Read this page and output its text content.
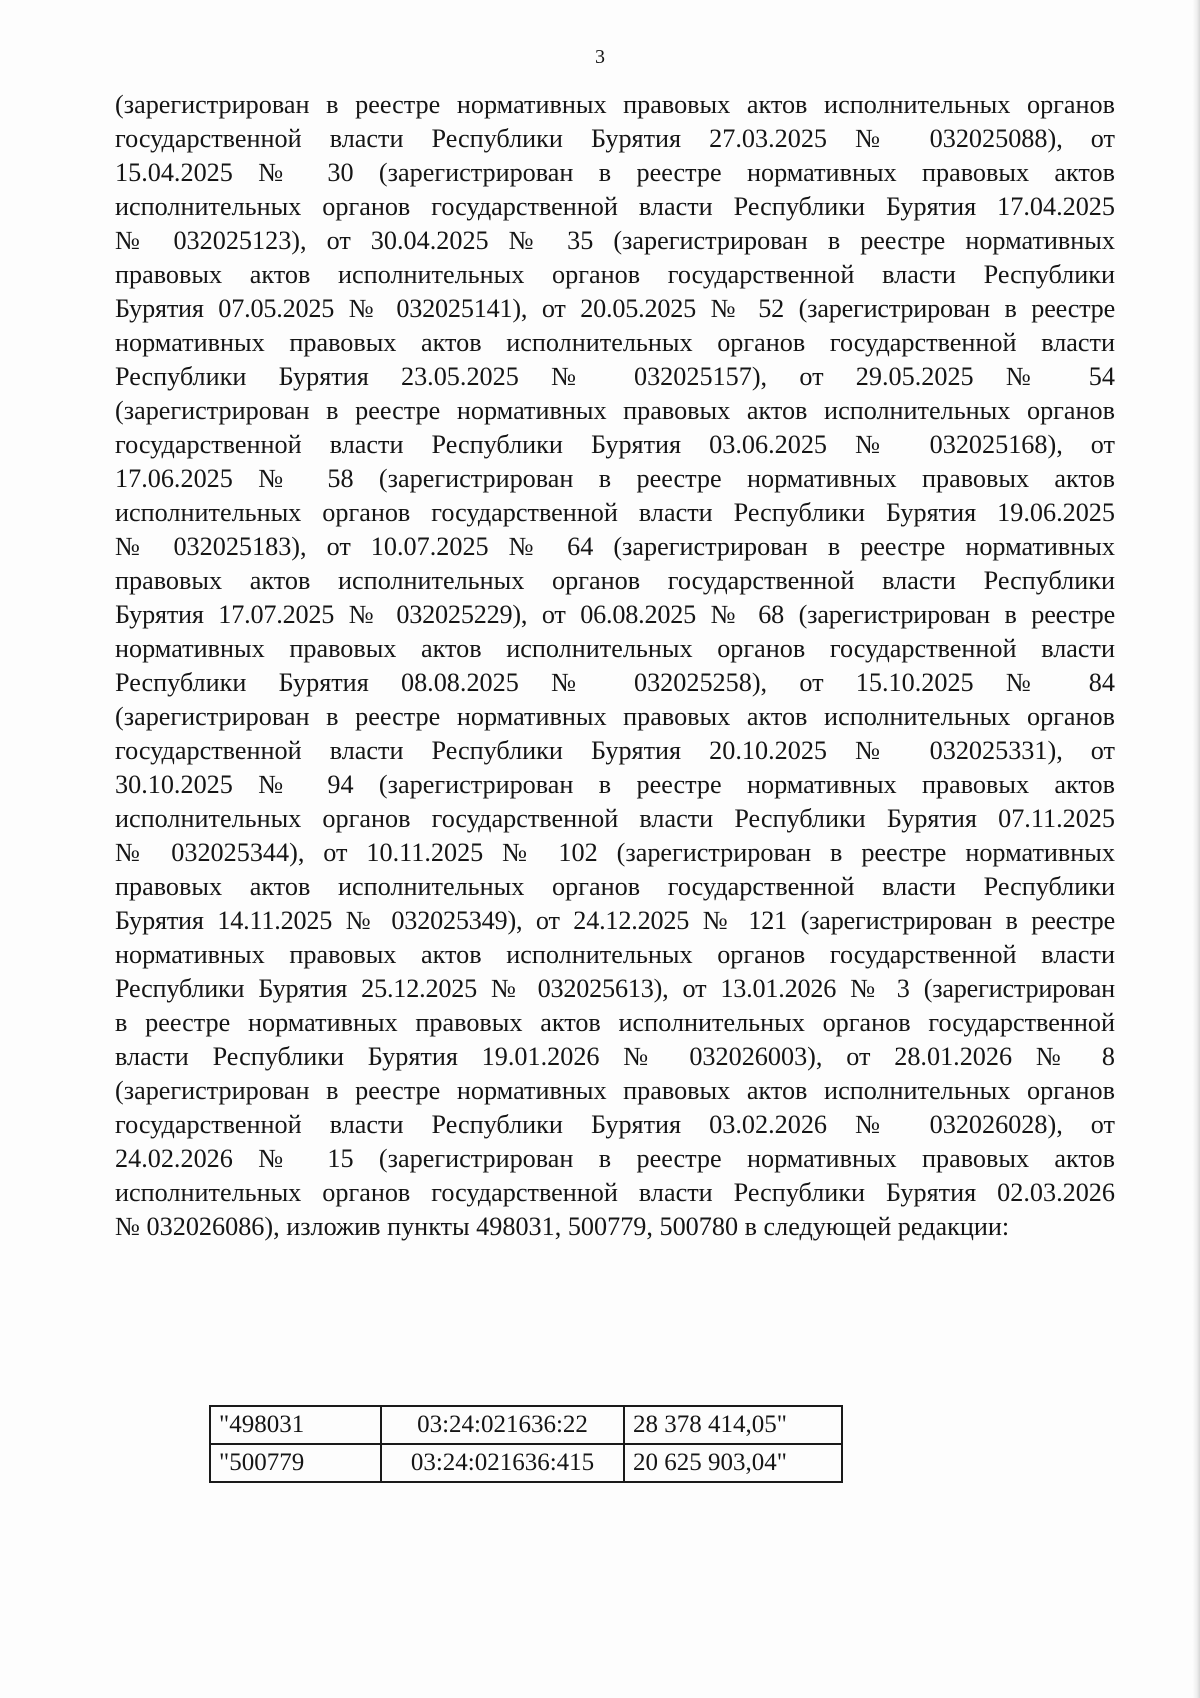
3
(зарегистрирован в реестре нормативных правовых актов исполнительных органов
государственной власти Республики Бурятия 27.03.2025 № 032025088), от
15.04.2025 № 30 (зарегистрирован в реестре нормативных правовых актов
исполнительных органов государственной власти Республики Бурятия 17.04.2025
№ 032025123), от 30.04.2025 № 35 (зарегистрирован в реестре нормативных
правовых актов исполнительных органов государственной власти Республики
Бурятия 07.05.2025 № 032025141), от 20.05.2025 № 52 (зарегистрирован в реестре
нормативных правовых актов исполнительных органов государственной власти
Республики Бурятия 23.05.2025 № 032025157), от 29.05.2025 № 54
(зарегистрирован в реестре нормативных правовых актов исполнительных органов
государственной власти Республики Бурятия 03.06.2025 № 032025168), от
17.06.2025 № 58 (зарегистрирован в реестре нормативных правовых актов
исполнительных органов государственной власти Республики Бурятия 19.06.2025
№ 032025183), от 10.07.2025 № 64 (зарегистрирован в реестре нормативных
правовых актов исполнительных органов государственной власти Республики
Бурятия 17.07.2025 № 032025229), от 06.08.2025 № 68 (зарегистрирован в реестре
нормативных правовых актов исполнительных органов государственной власти
Республики Бурятия 08.08.2025 № 032025258), от 15.10.2025 № 84
(зарегистрирован в реестре нормативных правовых актов исполнительных органов
государственной власти Республики Бурятия 20.10.2025 № 032025331), от
30.10.2025 № 94 (зарегистрирован в реестре нормативных правовых актов
исполнительных органов государственной власти Республики Бурятия 07.11.2025
№ 032025344), от 10.11.2025 № 102 (зарегистрирован в реестре нормативных
правовых актов исполнительных органов государственной власти Республики
Бурятия 14.11.2025 № 032025349), от 24.12.2025 № 121 (зарегистрирован в реестре
нормативных правовых актов исполнительных органов государственной власти
Республики Бурятия 25.12.2025 № 032025613), от 13.01.2026 № 3 (зарегистрирован
в реестре нормативных правовых актов исполнительных органов государственной
власти Республики Бурятия 19.01.2026 № 032026003), от 28.01.2026 № 8
(зарегистрирован в реестре нормативных правовых актов исполнительных органов
государственной власти Республики Бурятия 03.02.2026 № 032026028), от
24.02.2026 № 15 (зарегистрирован в реестре нормативных правовых актов
исполнительных органов государственной власти Республики Бурятия 02.03.2026
№ 032026086), изложив пункты 498031, 500779, 500780 в следующей редакции:
"498031	03:24:021636:22	28 378 414,05"
"500779	03:24:021636:415	20 625 903,04"
